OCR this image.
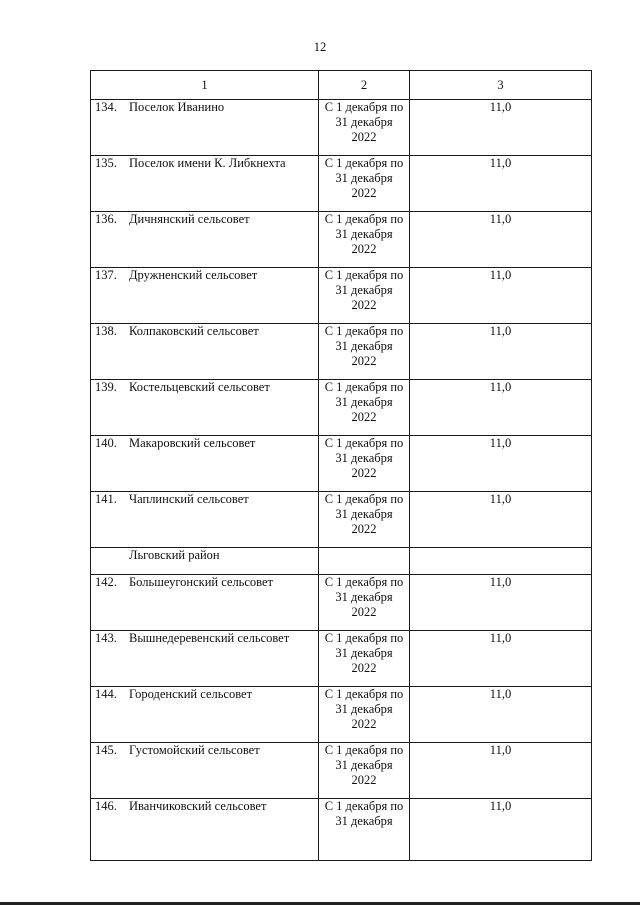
12
1	2	3
134. Поселок Иванино	С 1 декабря по
31 декабря
2022	11,0
135. Поселок имени К. Либкнехта	С 1 декабря по
31 декабря
2022	11,0
136. Дичнянский сельсовет	С 1 декабря по
31 декабря
2022	11,0
137. Дружненский сельсовет	С 1 декабря по
31 декабря
2022	11,0
138. Колпаковский сельсовет	С 1 декабря по
31 декабря
2022	11,0
139. Костельцевский сельсовет	С 1 декабря по
31 декабря
2022	11,0
140. Макаровский сельсовет	С 1 декабря по
31 декабря
2022	11,0
141. Чаплинский сельсовет	С 1 декабря по
31 декабря
2022	11,0
Льговский район		
142. Большеугонский сельсовет	С 1 декабря по
31 декабря
2022	11,0
143. Вышнедеревенский сельсовет	С 1 декабря по
31 декабря
2022	11,0
144. Городенский сельсовет	С 1 декабря по
31 декабря
2022	11,0
145. Густомойский сельсовет	С 1 декабря по
31 декабря
2022	11,0
146. Иванчиковский сельсовет	С 1 декабря по
31 декабря	11,0
